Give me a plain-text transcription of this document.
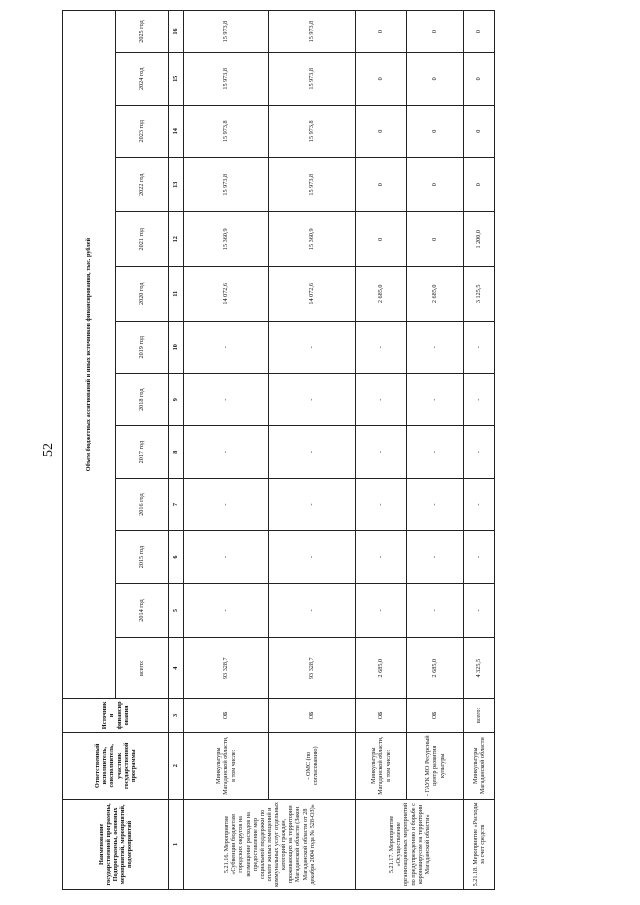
52
Наименование государственной программы, Подпрограммы, основных мероприятий, мероприятий, подмероприятий	Ответственный исполнитель, соисполнитель, участник государственной программы	Источники финансирования	Объем бюджетных ассигнований и иных источников финансирования, тыс. рублей												
			всего:	2014 год	2015 год	2016 год	2017 год	2018 год	2019 год	2020 год	2021 год	2022 год	2023 год	2024 год	2025 год
1	2	3	4	5	6	7	8	9	10	11	12	13	14	15	16
5.21.16. Мероприятие «Субвенции бюджетам городских округов на возмещение расходов на предоставление мер социальной поддержки по оплате жилых помещений и коммунальных услуг отдельных категорий граждан, проживающих на территории Магаданской области (Закон Магаданской области от 28 декабря 2004 года № 528-ОЗ)»	Минкультуры Магаданской области, в том числе:	ОБ	93 328,7	-	-	-	-	-	-	14 072,6	15 360,9	15 973,8	15 973,8	15 973,8	15 973,8
	- ОМС (по согласованию)	ОБ	93 328,7	-	-	-	-	-	-	14 072,6	15 360,9	15 973,8	15 973,8	15 973,8	15 973,8
5.21.17. Мероприятие «Осуществление организационных мероприятий по предупреждению и борьбе с коронавирусом на территории Магаданской области»	Минкультуры Магаданской области, в том числе:	ОБ	2 685,0	-	-	-	-	-	-	2 685,0	0	0	0	0	0
	- ГАУК МО Ресурсный центр развития культуры	ОБ	2 685,0	-	-	-	-	-	-	2 685,0	0	0	0	0	0
5.21.18. Мероприятие «Расходы за счет средств	Минкультуры Магаданской области	всего:	4 325,5	-	-	-	-	-	-	3 125,5	1 200,0	0	0	0	0
